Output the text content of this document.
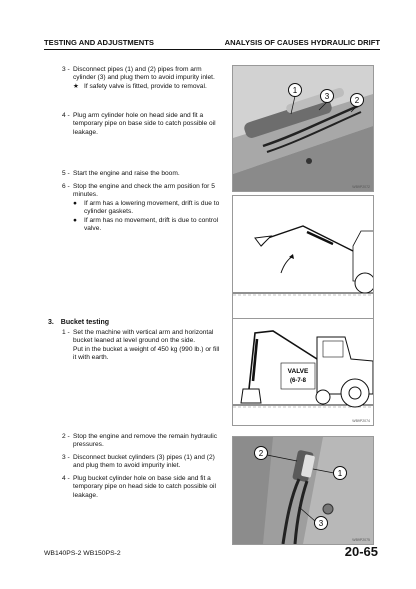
TESTING AND ADJUSTMENTS	ANALYSIS OF CAUSES HYDRAULIC DRIFT
3 - Disconnect pipes (1) and (2) pipes from arm cylinder (3) and plug them to avoid impurity inlet.
★ If safety valve is fitted, provide to removal.
4 - Plug arm cylinder hole on head side and fit a temporary pipe on base side to catch possible oil leakage.
1
3	2
WB9P2072
5 - Start the engine and raise the boom.
6 - Stop the engine and check the arm position for 5 minutes.
● If arm has a lowering movement, drift is due to cylinder gaskets.
● If arm has no movement, drift is due to control valve.
3. Bucket testing
1 - Set the machine with vertical arm and horizontal bucket leaned at level ground on the side.
Put in the bucket a weight of 450 kg (990 lb.) or fill it with earth.
VALVE
(6-7-8
WB9P2074
2 - Stop the engine and remove the remain hydraulic pressures.
3 - Disconnect bucket cylinders (3) pipes (1) and (2) and plug them to avoid impurity inlet.
4 - Plug bucket cylinder hole on base side and fit a temporary pipe on head side to catch possible oil leakage.
2
1
3
WB9P2075
WB140PS-2 WB150PS-2	20-65
